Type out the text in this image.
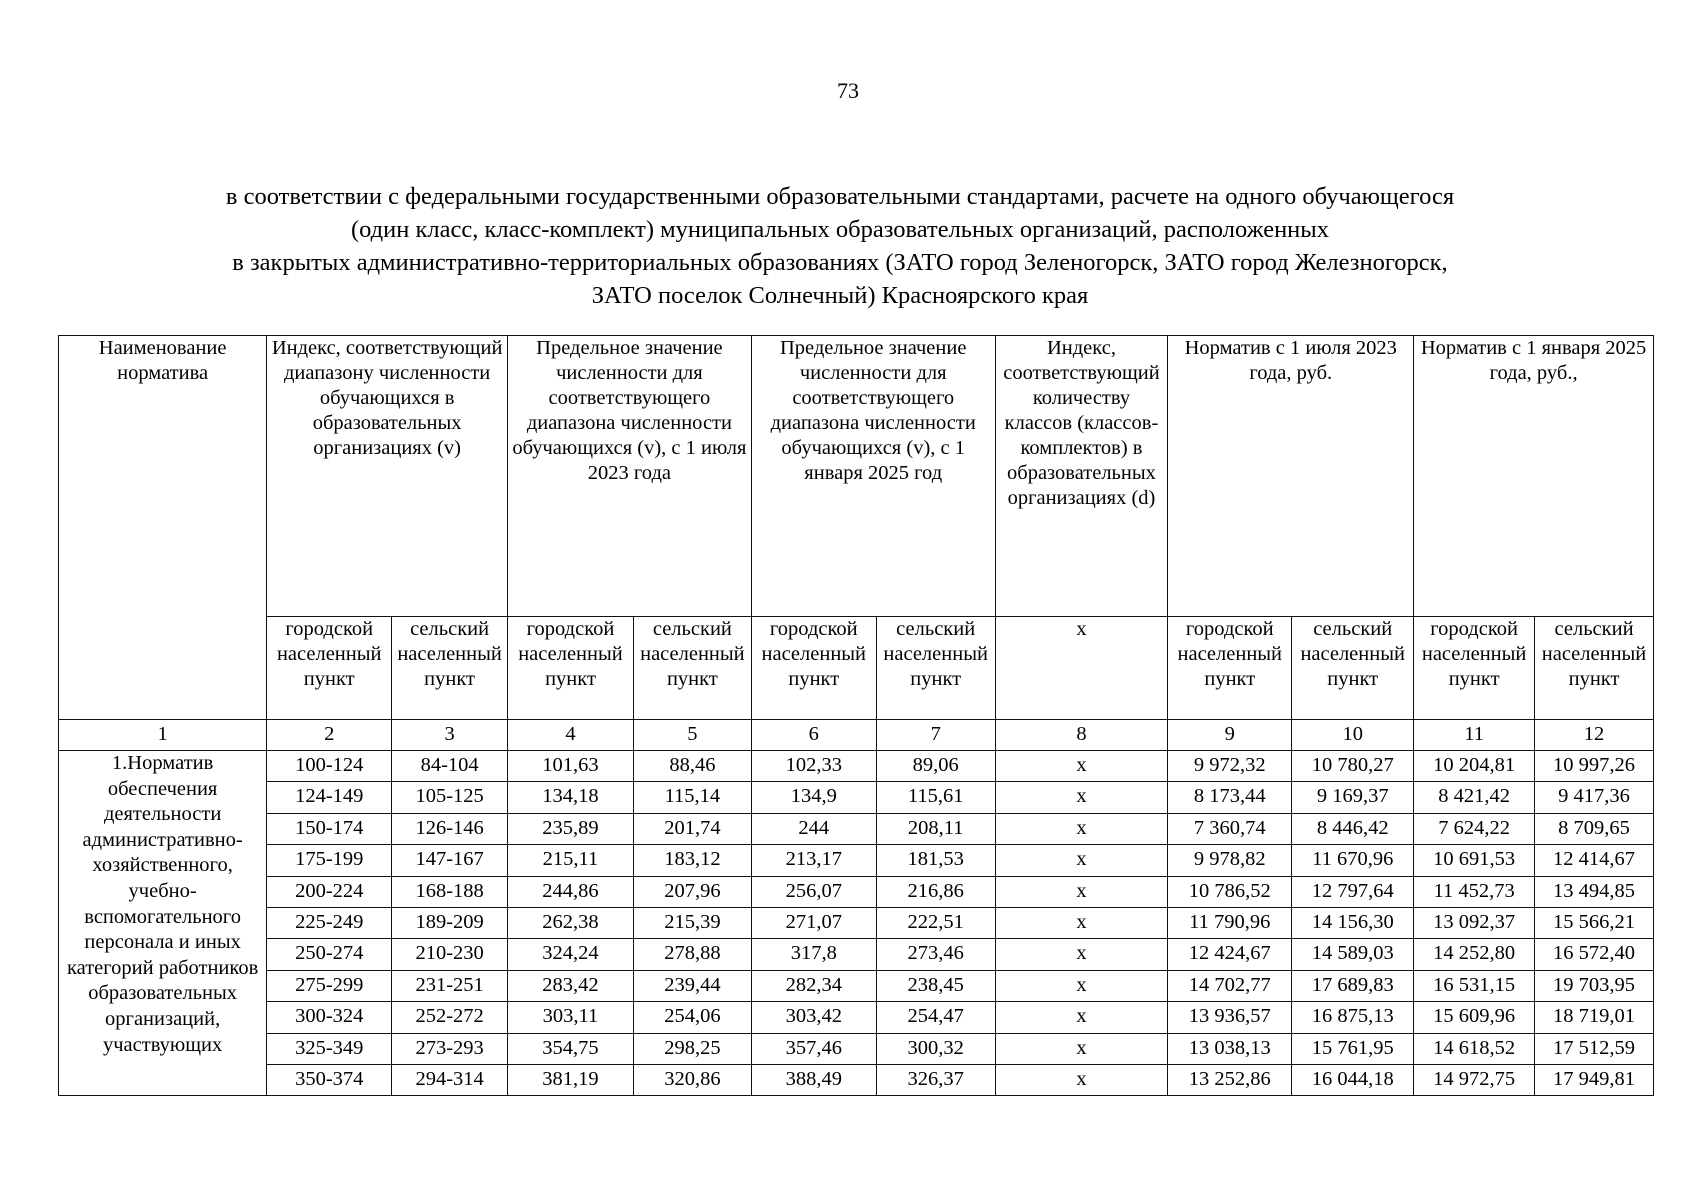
73
в соответствии с федеральными государственными образовательными стандартами, расчете на одного обучающегося
(один класс, класс-комплект) муниципальных образовательных организаций, расположенных
в закрытых административно-территориальных образованиях (ЗАТО город Зеленогорск, ЗАТО город Железногорск,
ЗАТО поселок Солнечный) Красноярского края
Наименование норматива	Индекс, соответствующий диапазону численности обучающихся в образовательных организациях (v)		Предельное значение численности для соответствующего диапазона численности обучающихся (v), с 1 июля 2023 года		Предельное значение численности для соответствующего диапазона численности обучающихся (v), с 1 января 2025 год		Индекс, соответствующий количеству классов (классов-комплектов) в образовательных организациях (d)	Норматив с 1 июля 2023 года, руб.		Норматив с 1 января 2025 года, руб.,	
	городской населенный пункт	сельский населенный пункт	городской населенный пункт	сельский населенный пункт	городской населенный пункт	сельский населенный пункт	x	городской населенный пункт	сельский населенный пункт	городской населенный пункт	сельский населенный пункт
1	2	3	4	5	6	7	8	9	10	11	12
1.Норматив обеспечения деятельности административно-хозяйственного, учебно-вспомогательного персонала и иных категорий работников образовательных организаций, участвующих	100-124	84-104	101,63	88,46	102,33	89,06	x	9 972,32	10 780,27	10 204,81	10 997,26
	124-149	105-125	134,18	115,14	134,9	115,61	x	8 173,44	9 169,37	8 421,42	9 417,36
	150-174	126-146	235,89	201,74	244	208,11	x	7 360,74	8 446,42	7 624,22	8 709,65
	175-199	147-167	215,11	183,12	213,17	181,53	x	9 978,82	11 670,96	10 691,53	12 414,67
	200-224	168-188	244,86	207,96	256,07	216,86	x	10 786,52	12 797,64	11 452,73	13 494,85
	225-249	189-209	262,38	215,39	271,07	222,51	x	11 790,96	14 156,30	13 092,37	15 566,21
	250-274	210-230	324,24	278,88	317,8	273,46	x	12 424,67	14 589,03	14 252,80	16 572,40
	275-299	231-251	283,42	239,44	282,34	238,45	x	14 702,77	17 689,83	16 531,15	19 703,95
	300-324	252-272	303,11	254,06	303,42	254,47	x	13 936,57	16 875,13	15 609,96	18 719,01
	325-349	273-293	354,75	298,25	357,46	300,32	x	13 038,13	15 761,95	14 618,52	17 512,59
	350-374	294-314	381,19	320,86	388,49	326,37	x	13 252,86	16 044,18	14 972,75	17 949,81
